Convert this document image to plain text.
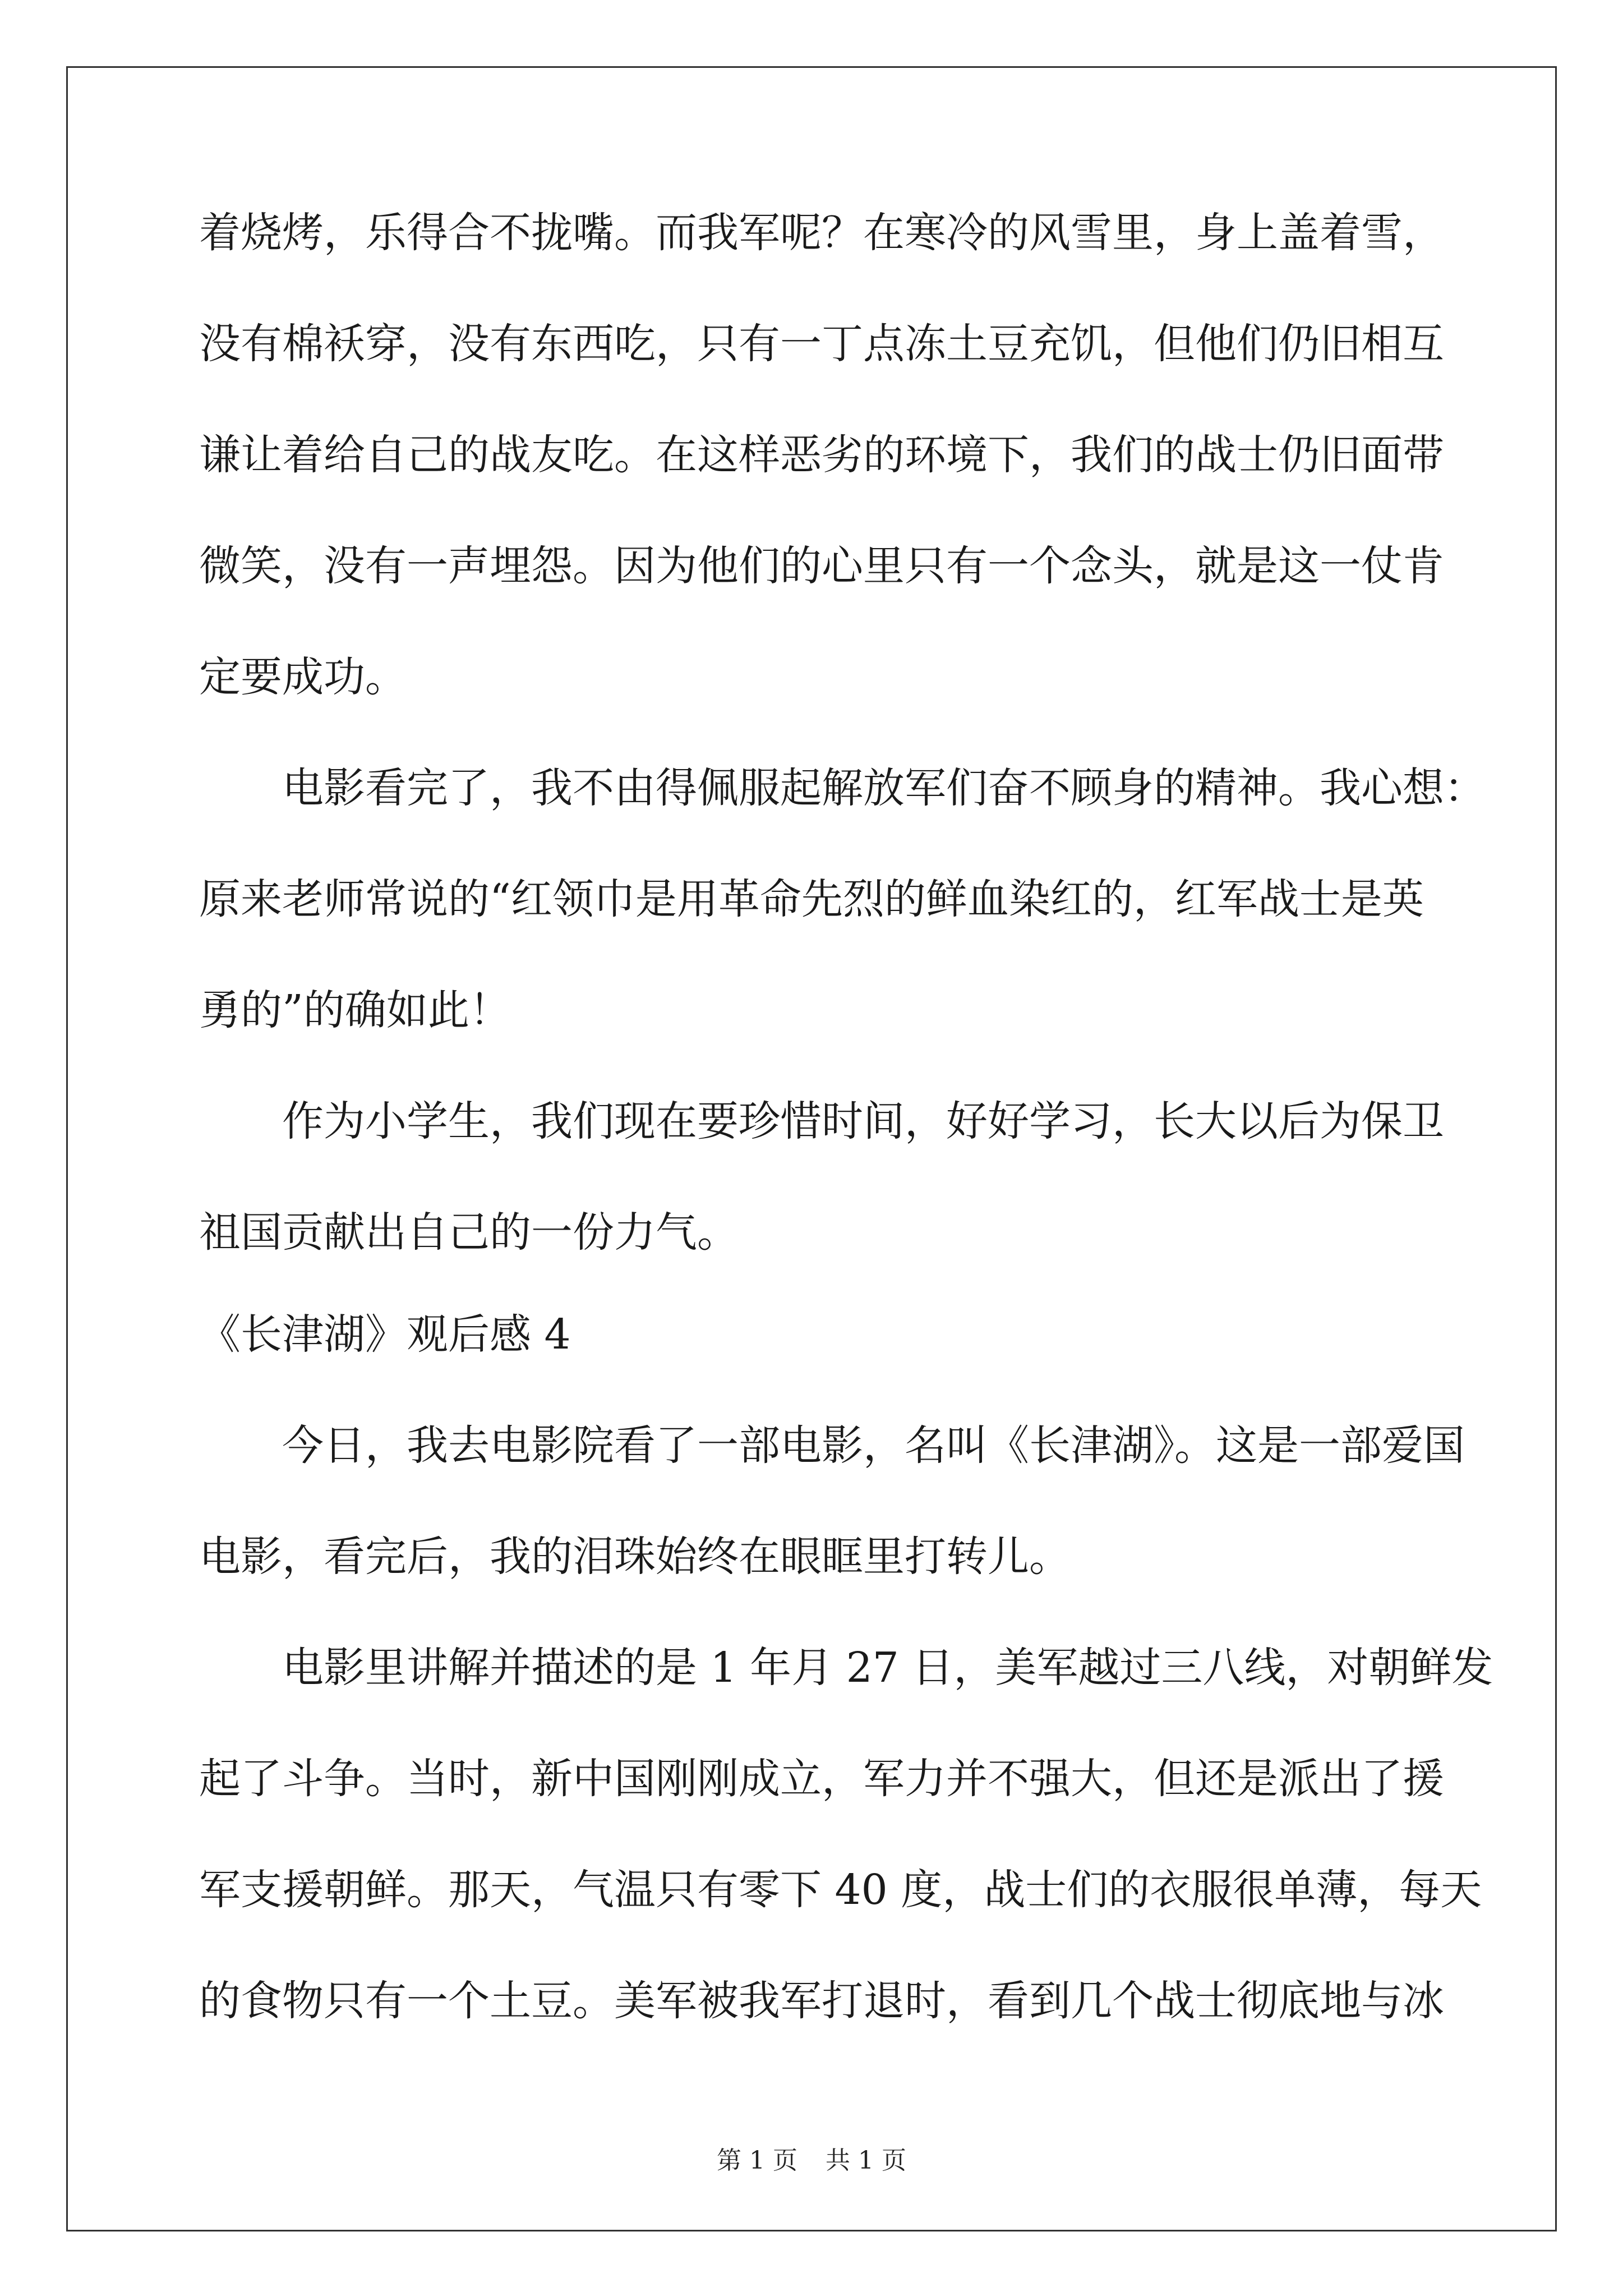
着烧烤，乐得合不拢嘴。而我军呢？在寒冷的风雪里，身上盖着雪，
没有棉袄穿，没有东西吃，只有一丁点冻土豆充饥，但他们仍旧相互
谦让着给自己的战友吃。在这样恶劣的环境下，我们的战士仍旧面带
微笑，没有一声埋怨。因为他们的心里只有一个念头，就是这一仗肯
定要成功。
电影看完了，我不由得佩服起解放军们奋不顾身的精神。我心想：
原来老师常说的“红领巾是用革命先烈的鲜血染红的，红军战士是英
勇的”的确如此！
作为小学生，我们现在要珍惜时间，好好学习，长大以后为保卫
祖国贡献出自己的一份力气。
《长津湖》观后感 4
今日，我去电影院看了一部电影，名叫《长津湖》。这是一部爱国
电影，看完后，我的泪珠始终在眼眶里打转儿。
电影里讲解并描述的是 1 年月 27 日，美军越过三八线，对朝鲜发
起了斗争。当时，新中国刚刚成立，军力并不强大，但还是派出了援
军支援朝鲜。那天，气温只有零下 40 度，战士们的衣服很单薄，每天
的食物只有一个土豆。美军被我军打退时，看到几个战士彻底地与冰
第 1 页 共 1 页
